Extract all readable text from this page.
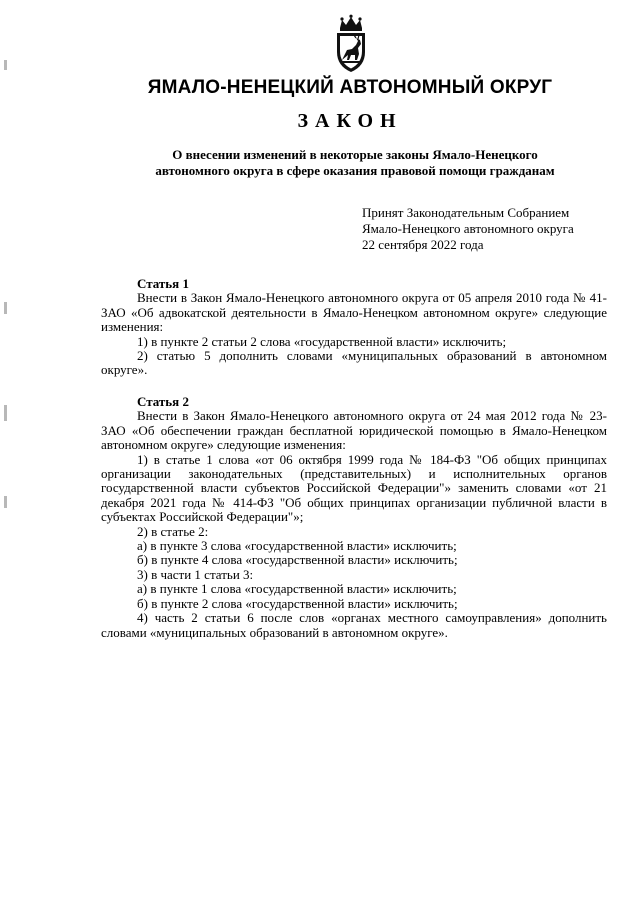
ЯМАЛО-НЕНЕЦКИЙ АВТОНОМНЫЙ ОКРУГ
ЗАКОН
О внесении изменений в некоторые законы Ямало-Ненецкого
автономного округа в сфере оказания правовой помощи гражданам
Принят Законодательным Собранием
Ямало-Ненецкого автономного округа
22 сентября 2022 года
Статья 1

Внести в Закон Ямало-Ненецкого автономного округа от 05 апреля 2010 года № 41-ЗАО «Об адвокатской деятельности в Ямало-Ненецком автономном округе» следующие изменения:

1) в пункте 2 статьи 2 слова «государственной власти» исключить;

2) статью 5 дополнить словами «муниципальных образований в автономном округе».

Статья 2

Внести в Закон Ямало-Ненецкого автономного округа от 24 мая 2012 года № 23-ЗАО «Об обеспечении граждан бесплатной юридической помощью в Ямало-Ненецком автономном округе» следующие изменения:

1) в статье 1 слова «от 06 октября 1999 года № 184-ФЗ "Об общих принципах организации законодательных (представительных) и исполнительных органов государственной власти субъектов Российской Федерации"» заменить словами «от 21 декабря 2021 года № 414-ФЗ "Об общих принципах организации публичной власти в субъектах Российской Федерации"»;

2) в статье 2:

а) в пункте 3 слова «государственной власти» исключить;

б) в пункте 4 слова «государственной власти» исключить;

3) в части 1 статьи 3:

а) в пункте 1 слова «государственной власти» исключить;

б) в пункте 2 слова «государственной власти» исключить;

4) часть 2 статьи 6 после слов «органах местного самоуправления» дополнить словами «муниципальных образований в автономном округе».
